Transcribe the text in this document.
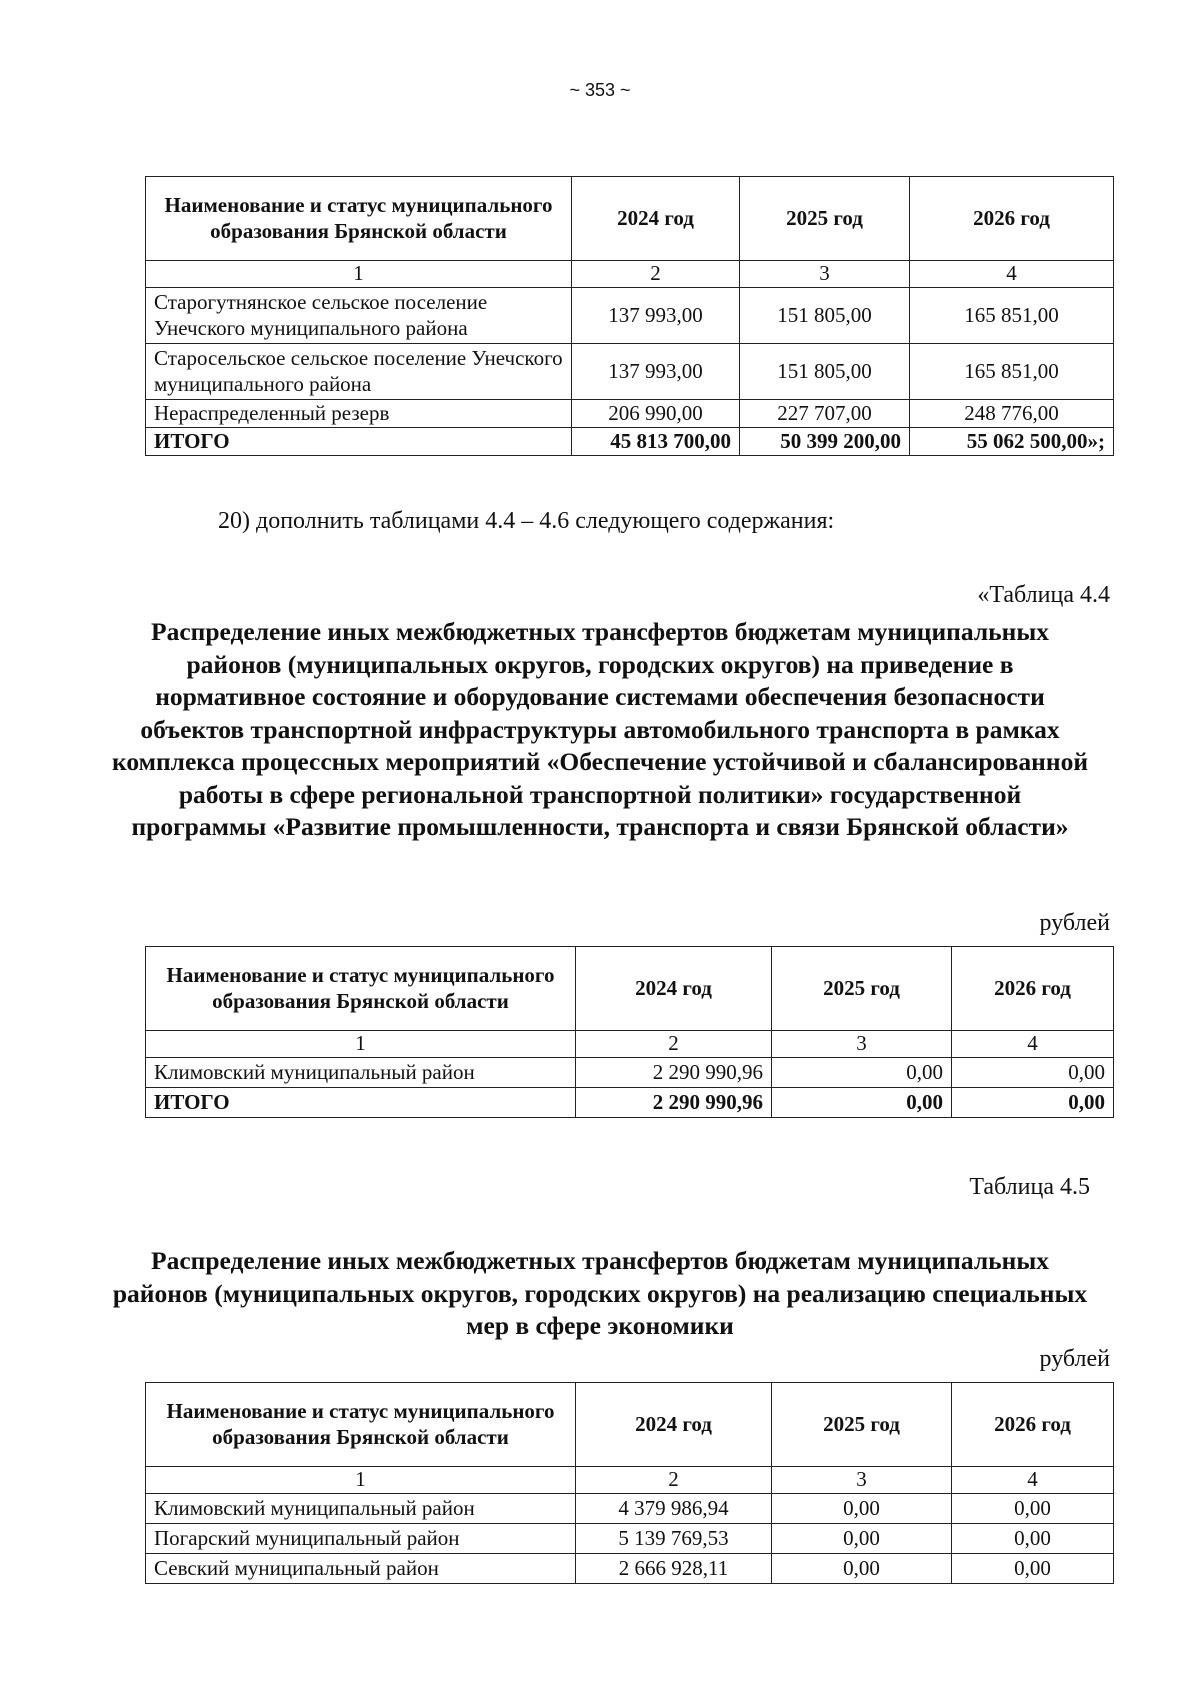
~ 353 ~
Наименование и статус муниципального образования Брянской области	2024 год	2025 год	2026 год
1	2	3	4
Старогутнянское сельское поселение Унечского муниципального района	137 993,00	151 805,00	165 851,00
Старосельское сельское поселение Унечского муниципального района	137 993,00	151 805,00	165 851,00
Нераспределенный резерв	206 990,00	227 707,00	248 776,00
ИТОГО	45 813 700,00	50 399 200,00	55 062 500,00»;
20) дополнить таблицами 4.4 – 4.6 следующего содержания:
«Таблица 4.4
Распределение иных межбюджетных трансфертов бюджетам муниципальных районов (муниципальных округов, городских округов) на приведение в нормативное состояние и оборудование системами обеспечения безопасности объектов транспортной инфраструктуры автомобильного транспорта в рамках комплекса процессных мероприятий «Обеспечение устойчивой и сбалансированной работы в сфере региональной транспортной политики» государственной программы «Развитие промышленности, транспорта и связи Брянской области»
рублей
Наименование и статус муниципального образования Брянской области	2024 год	2025 год	2026 год
1	2	3	4
Климовский муниципальный район	2 290 990,96	0,00	0,00
ИТОГО	2 290 990,96	0,00	0,00
Таблица 4.5
Распределение иных межбюджетных трансфертов бюджетам муниципальных районов (муниципальных округов, городских округов) на реализацию специальных мер в сфере экономики
рублей
Наименование и статус муниципального образования Брянской области	2024 год	2025 год	2026 год
1	2	3	4
Климовский муниципальный район	4 379 986,94	0,00	0,00
Погарский муниципальный район	5 139 769,53	0,00	0,00
Севский муниципальный район	2 666 928,11	0,00	0,00
